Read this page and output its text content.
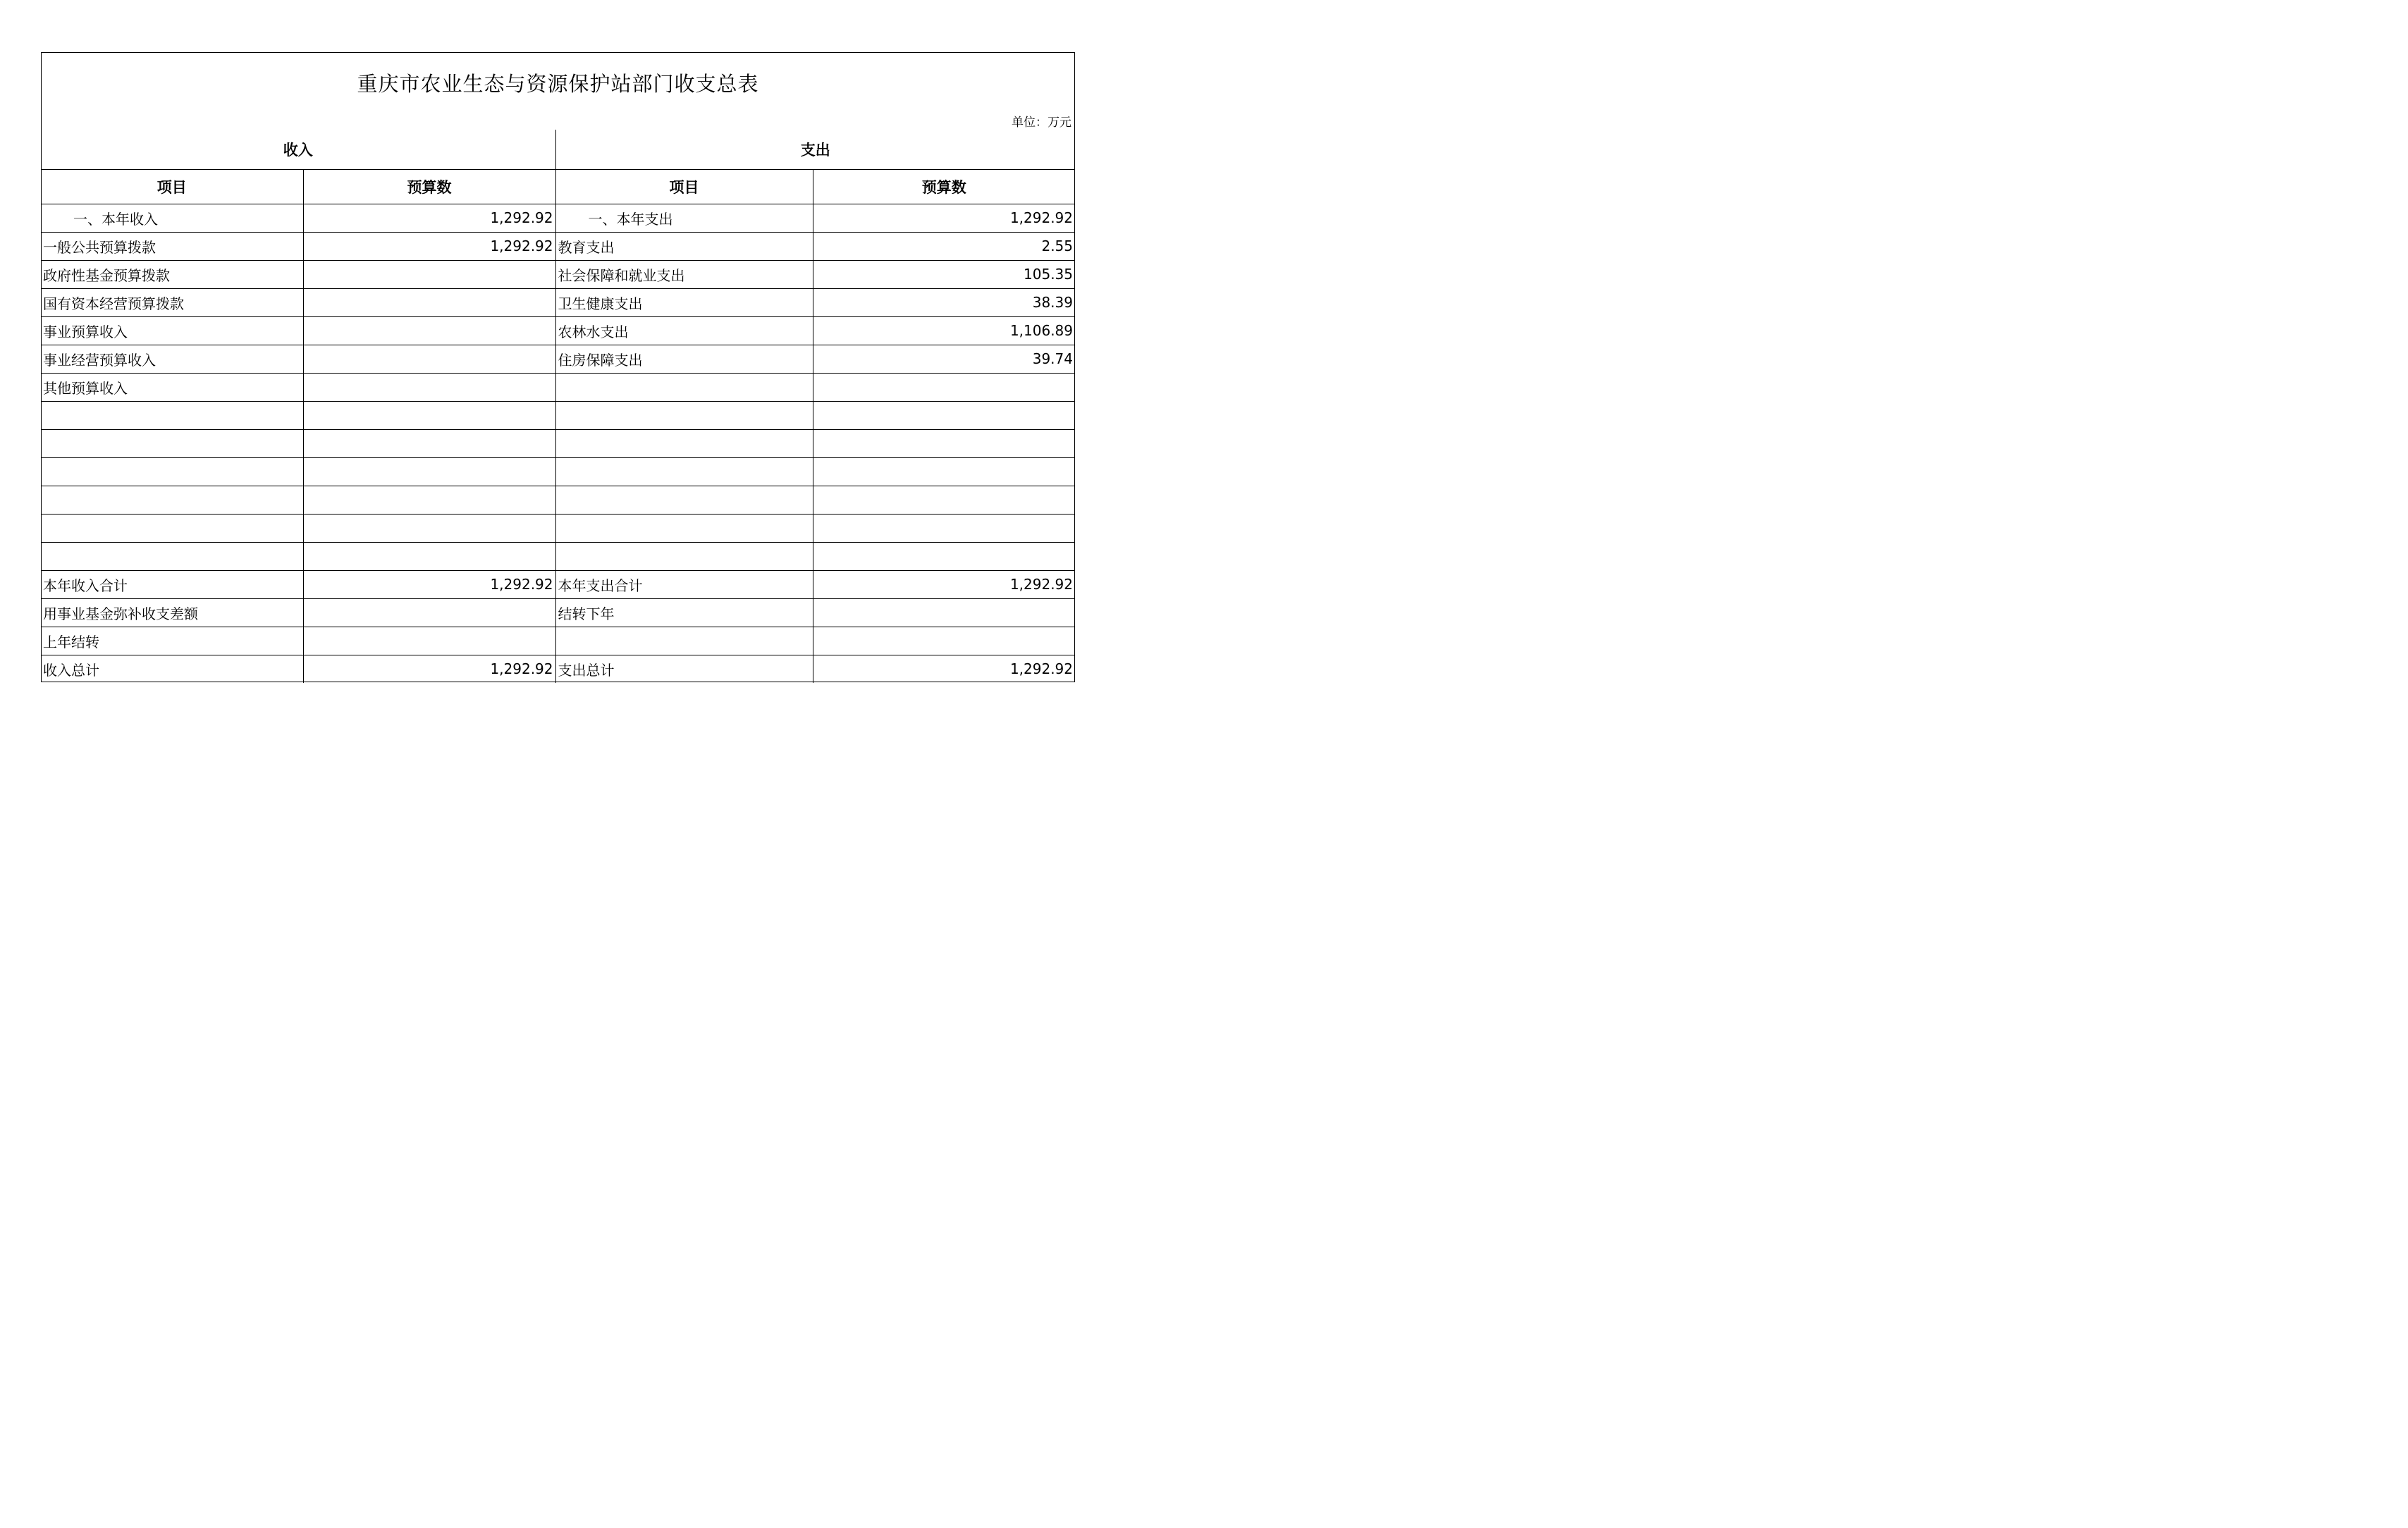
重庆市农业生态与资源保护站部门收支总表
单位：万元
收入		支出	
项目	预算数	项目	预算数
一、本年收入	1,292.92	一、本年支出	1,292.92
一般公共预算拨款	1,292.92	教育支出	2.55
政府性基金预算拨款		社会保障和就业支出	105.35
国有资本经营预算拨款		卫生健康支出	38.39
事业预算收入		农林水支出	1,106.89
事业经营预算收入		住房保障支出	39.74
其他预算收入			

本年收入合计	1,292.92	本年支出合计	1,292.92
用事业基金弥补收支差额		结转下年	
上年结转			
收入总计	1,292.92	支出总计	1,292.92
